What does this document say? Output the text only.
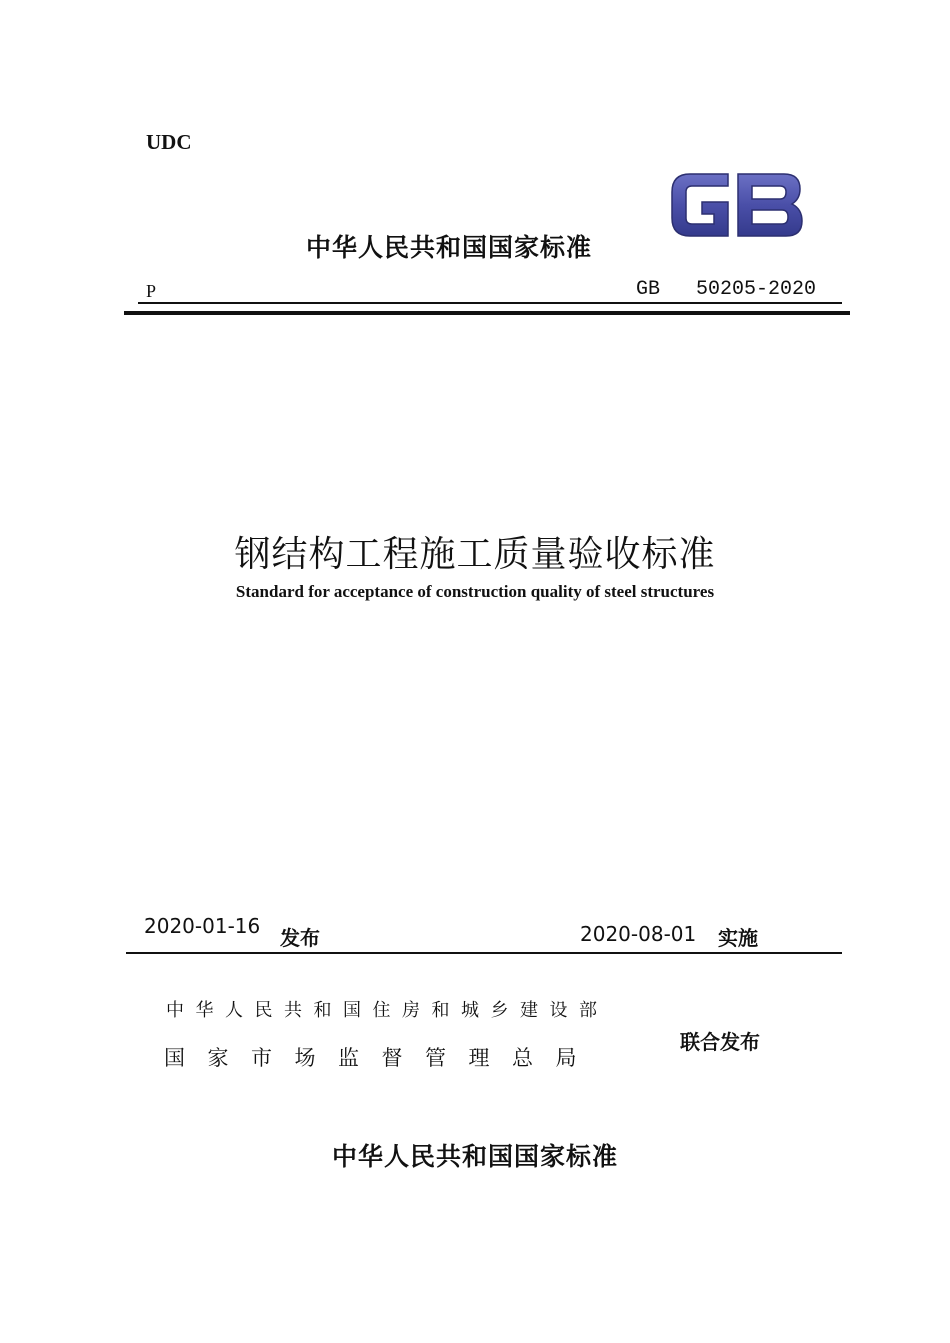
UDC
中华人民共和国国家标准
P	GB   50205-2020
钢结构工程施工质量验收标准
Standard for acceptance of construction quality of steel structures
2020-01-16 发布	2020-08-01 实施
中华人民共和国住房和城乡建设部
国家市场监督管理总局
联合发布
中华人民共和国国家标准
